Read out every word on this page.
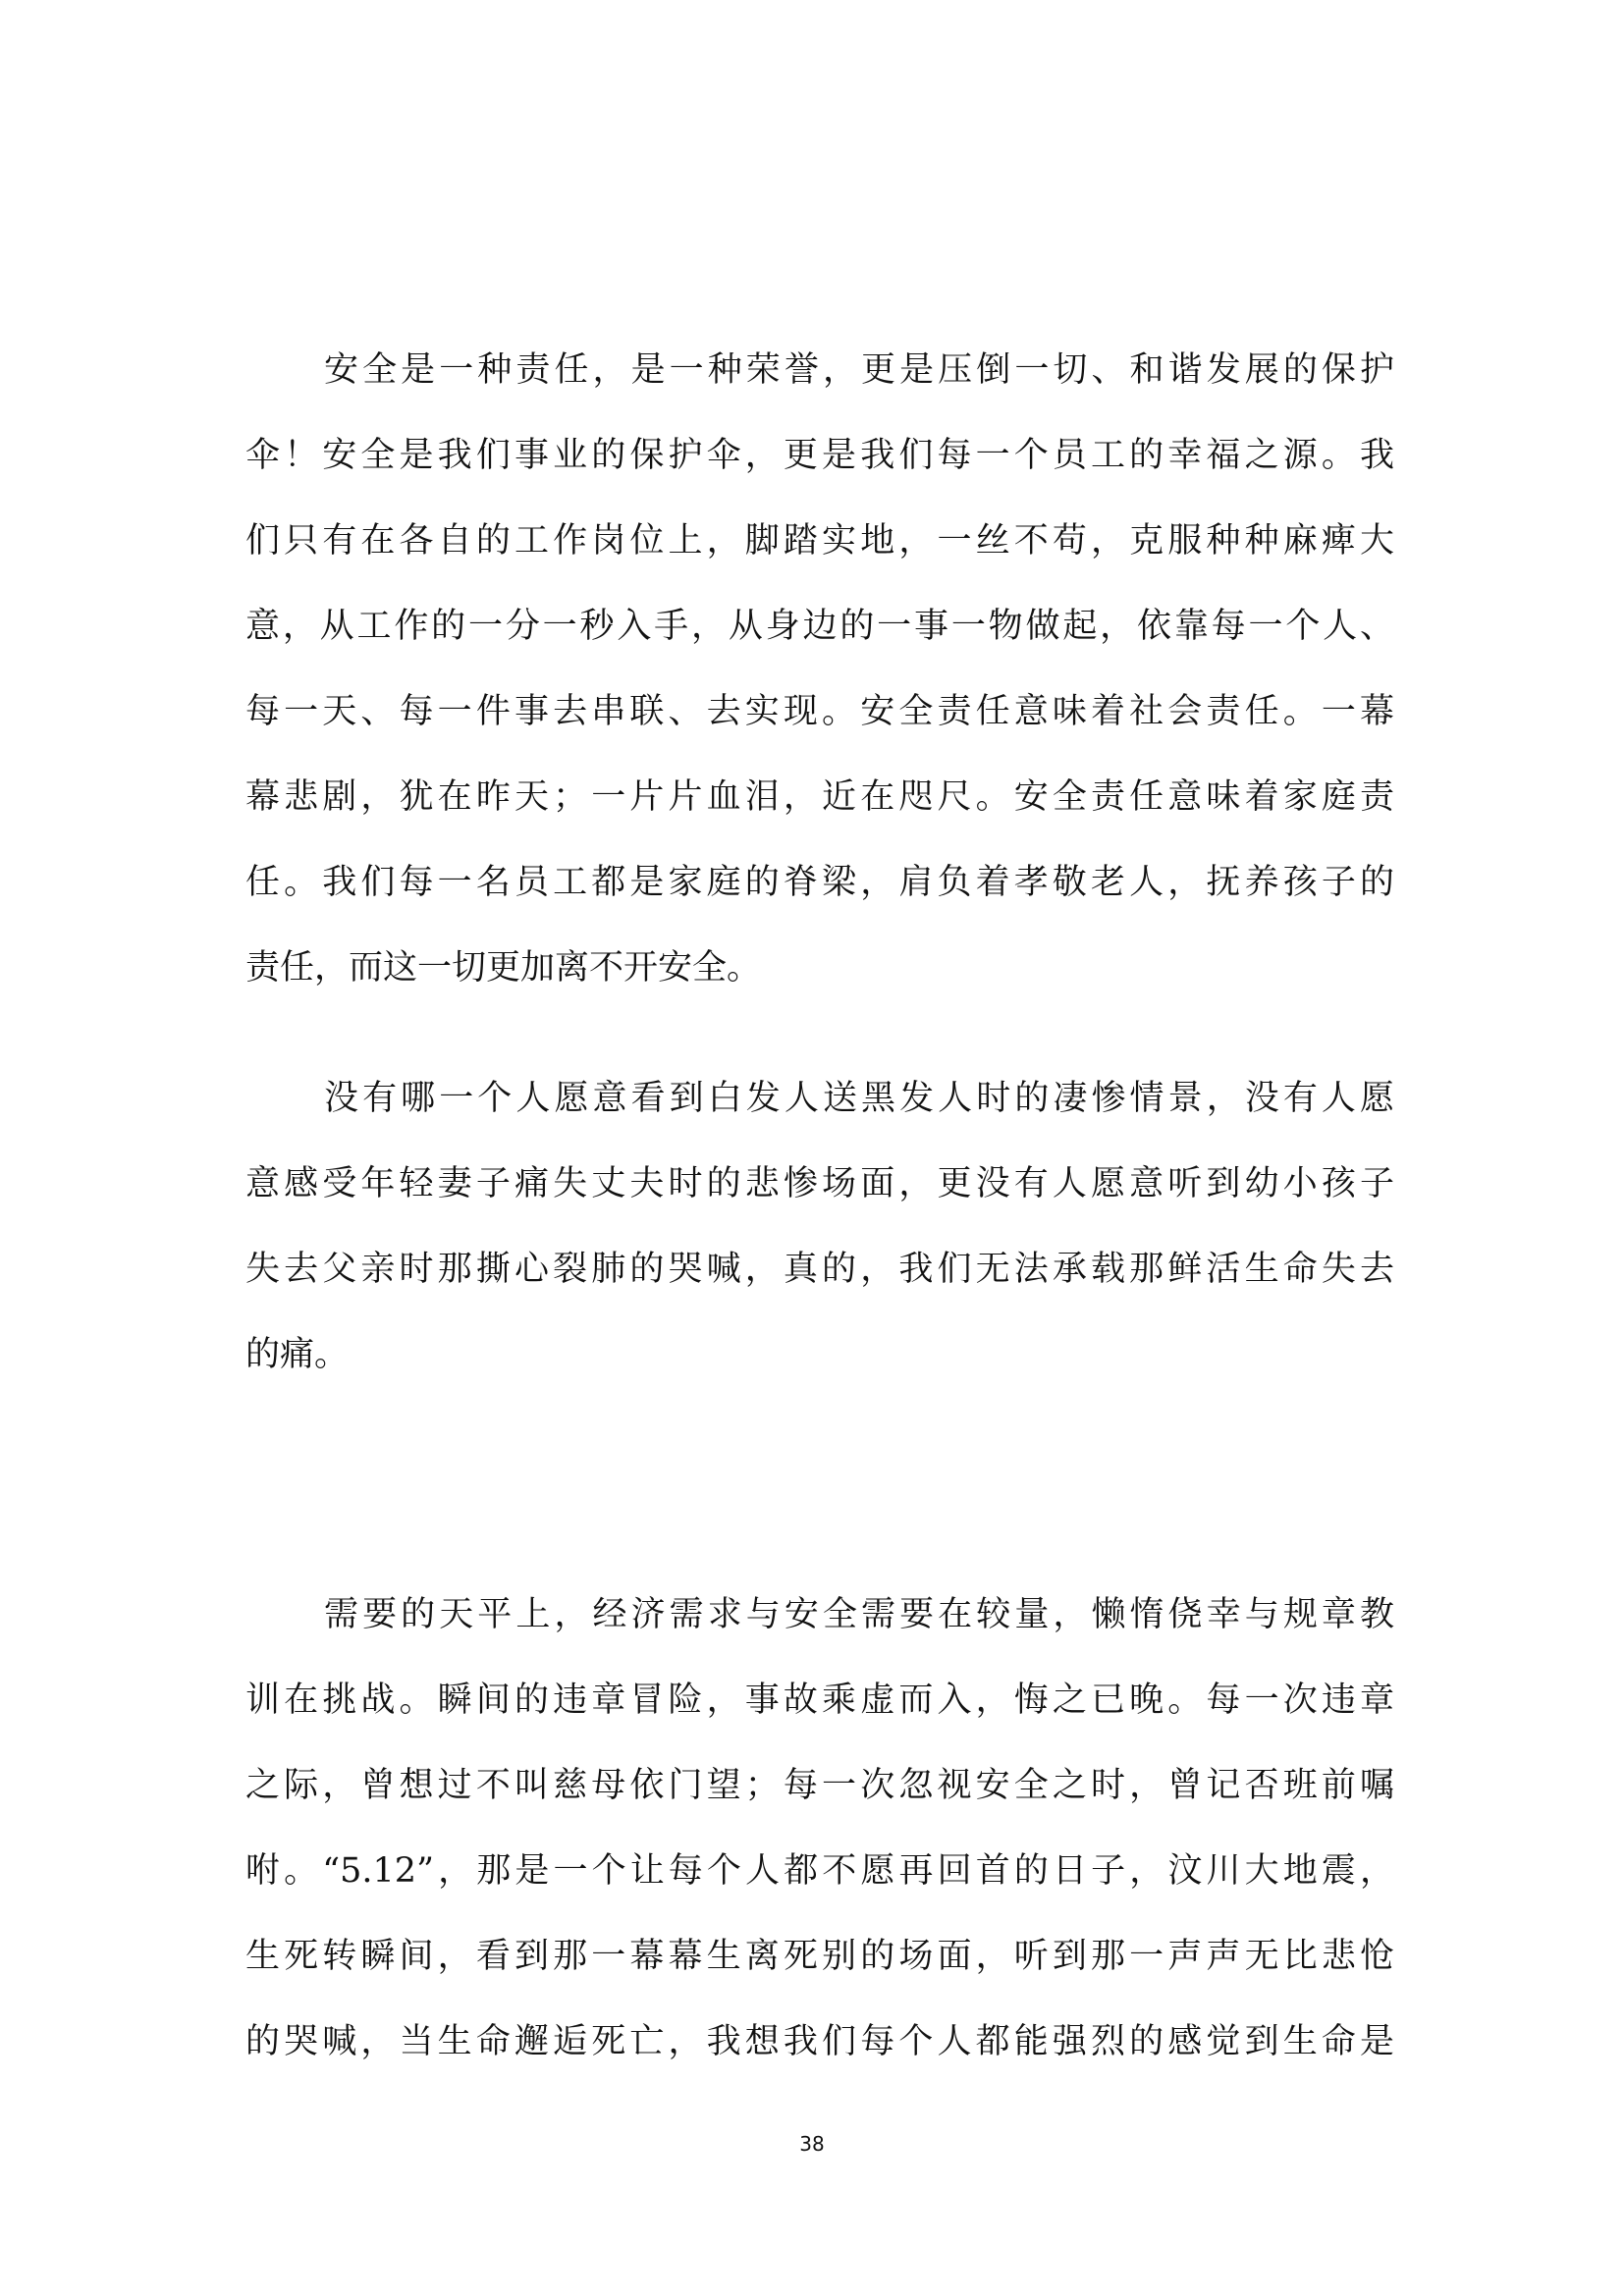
安全是一种责任，是一种荣誉，更是压倒一切、和谐发展的保护
伞！安全是我们事业的保护伞，更是我们每一个员工的幸福之源。我
们只有在各自的工作岗位上，脚踏实地，一丝不苟，克服种种麻痺大
意，从工作的一分一秒入手，从身边的一事一物做起，依靠每一个人、
每一天、每一件事去串联、去实现。安全责任意味着社会责任。一幕
幕悲剧，犹在昨天；一片片血泪，近在咫尺。安全责任意味着家庭责
任。我们每一名员工都是家庭的脊梁，肩负着孝敬老人，抚养孩子的
责任，而这一切更加离不开安全。
没有哪一个人愿意看到白发人送黑发人时的凄惨情景，没有人愿
意感受年轻妻子痛失丈夫时的悲惨场面，更没有人愿意听到幼小孩子
失去父亲时那撕心裂肺的哭喊，真的，我们无法承载那鲜活生命失去
的痛。
需要的天平上，经济需求与安全需要在较量，懒惰侥幸与规章教
训在挑战。瞬间的违章冒险，事故乘虚而入，悔之已晚。每一次违章
之际，曾想过不叫慈母依门望；每一次忽视安全之时，曾记否班前嘱
咐。“5.12”，那是一个让每个人都不愿再回首的日子，汶川大地震，
生死转瞬间，看到那一幕幕生离死别的场面，听到那一声声无比悲怆
的哭喊，当生命邂逅死亡，我想我们每个人都能强烈的感觉到生命是
38
